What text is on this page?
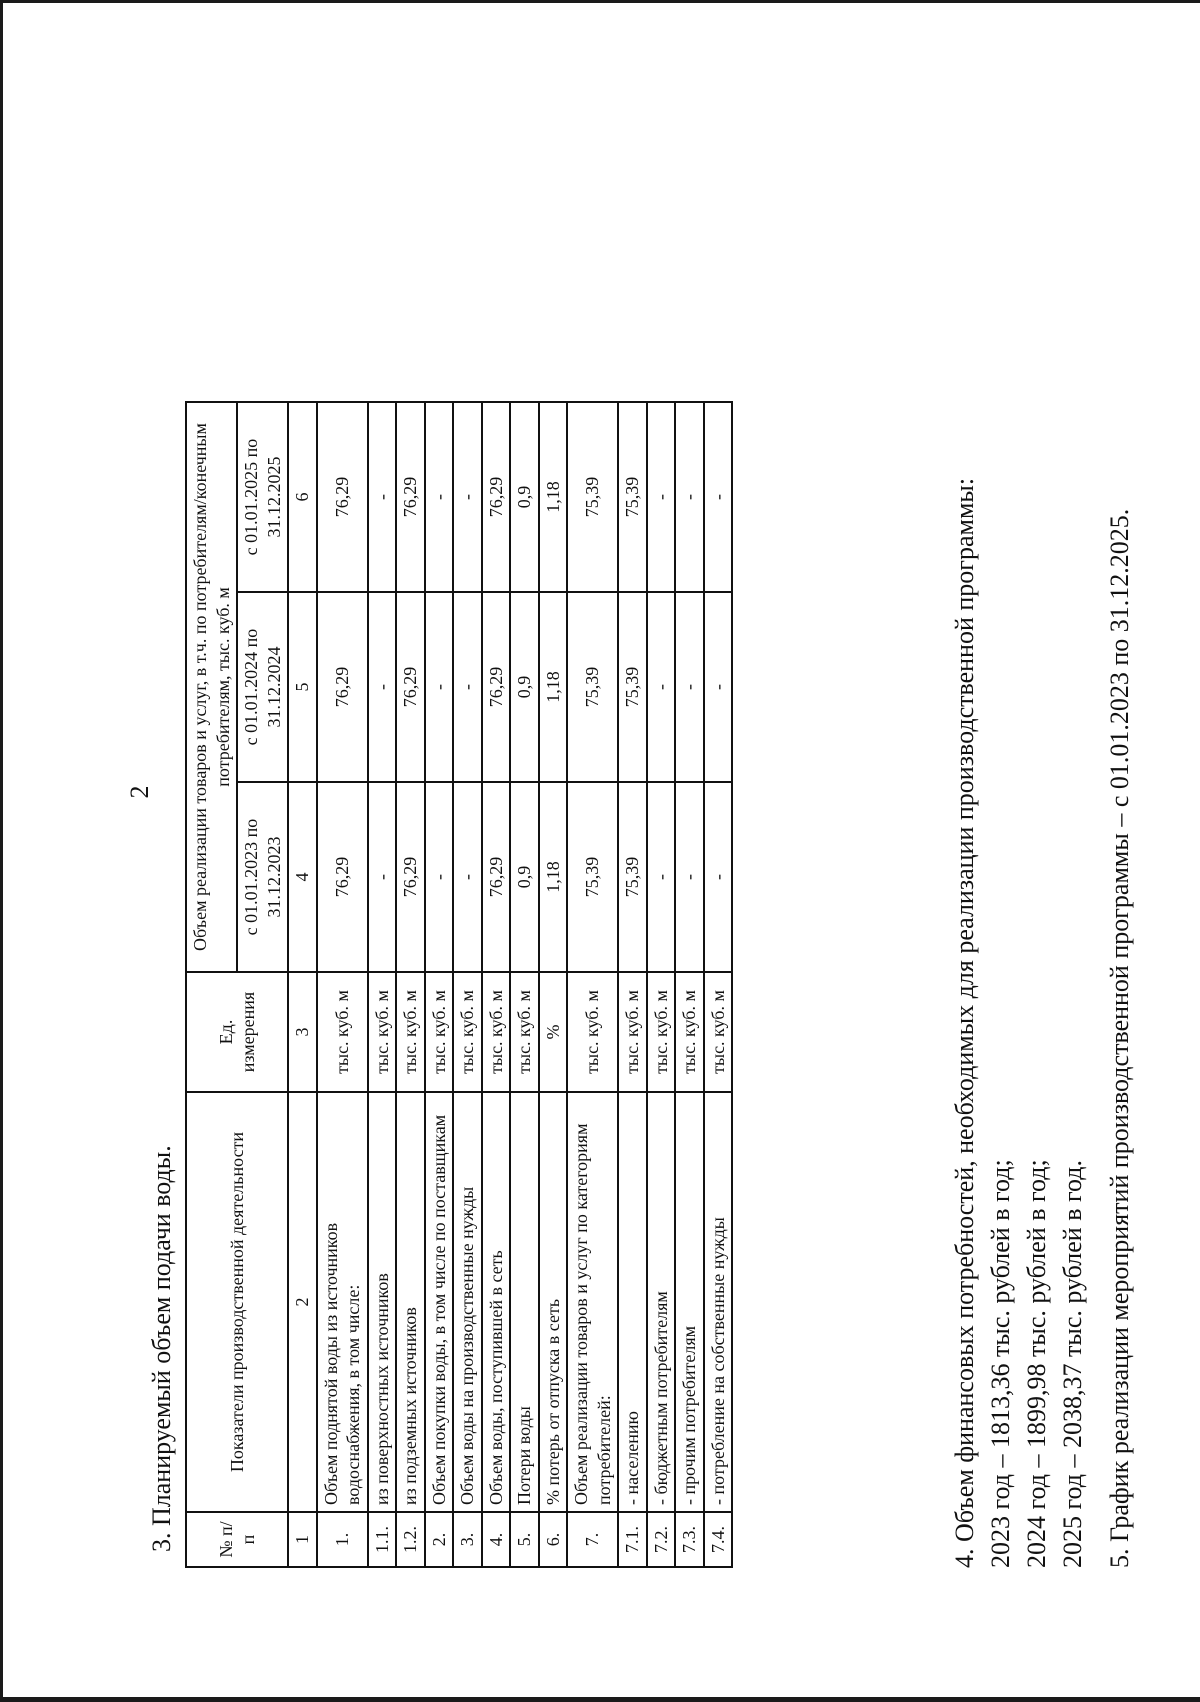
2
3. Планируемый объем подачи воды. № п/п	Показатели производственной деятельности	Ед. измерения	Объем реализации товаров и услуг, в т.ч. по потребителям/конечным потребителям, тыс. куб. м		
			с 01.01.2023 по 31.12.2023	с 01.01.2024 по 31.12.2024	с 01.01.2025 по 31.12.2025
1	2	3	4	5	6
1.	Объем поднятой воды из источников водоснабжения, в том числе:	тыс. куб. м	76,29	76,29	76,29
1.1.	из поверхностных источников	тыс. куб. м	-	-	-
1.2.	из подземных источников	тыс. куб. м	76,29	76,29	76,29
2.	Объем покупки воды, в том числе по поставщикам	тыс. куб. м	-	-	-
3.	Объем воды на производственные нужды	тыс. куб. м	-	-	-
4.	Объем воды, поступившей в сеть	тыс. куб. м	76,29	76,29	76,29
5.	Потери воды	тыс. куб. м	0,9	0,9	0,9
6.	% потерь от отпуска в сеть	%	1,18	1,18	1,18
7.	Объем реализации товаров и услуг по категориям потребителей:	тыс. куб. м	75,39	75,39	75,39
7.1.	- населению	тыс. куб. м	75,39	75,39	75,39
7.2.	- бюджетным потребителям	тыс. куб. м	-	-	-
7.3.	- прочим потребителям	тыс. куб. м	-	-	-
7.4.	- потребление на собственные нужды	тыс. куб. м	-	-	-	4. Объем финансовых потребностей, необходимых для реализации производственной программы: 2023 год – 1813,36 тыс. рублей в год; 2024 год – 1899,98 тыс. рублей в год; 2025 год – 2038,37 тыс. рублей в год. 5. График реализации мероприятий производственной программы – с 01.01.2023 по 31.12.2025.
